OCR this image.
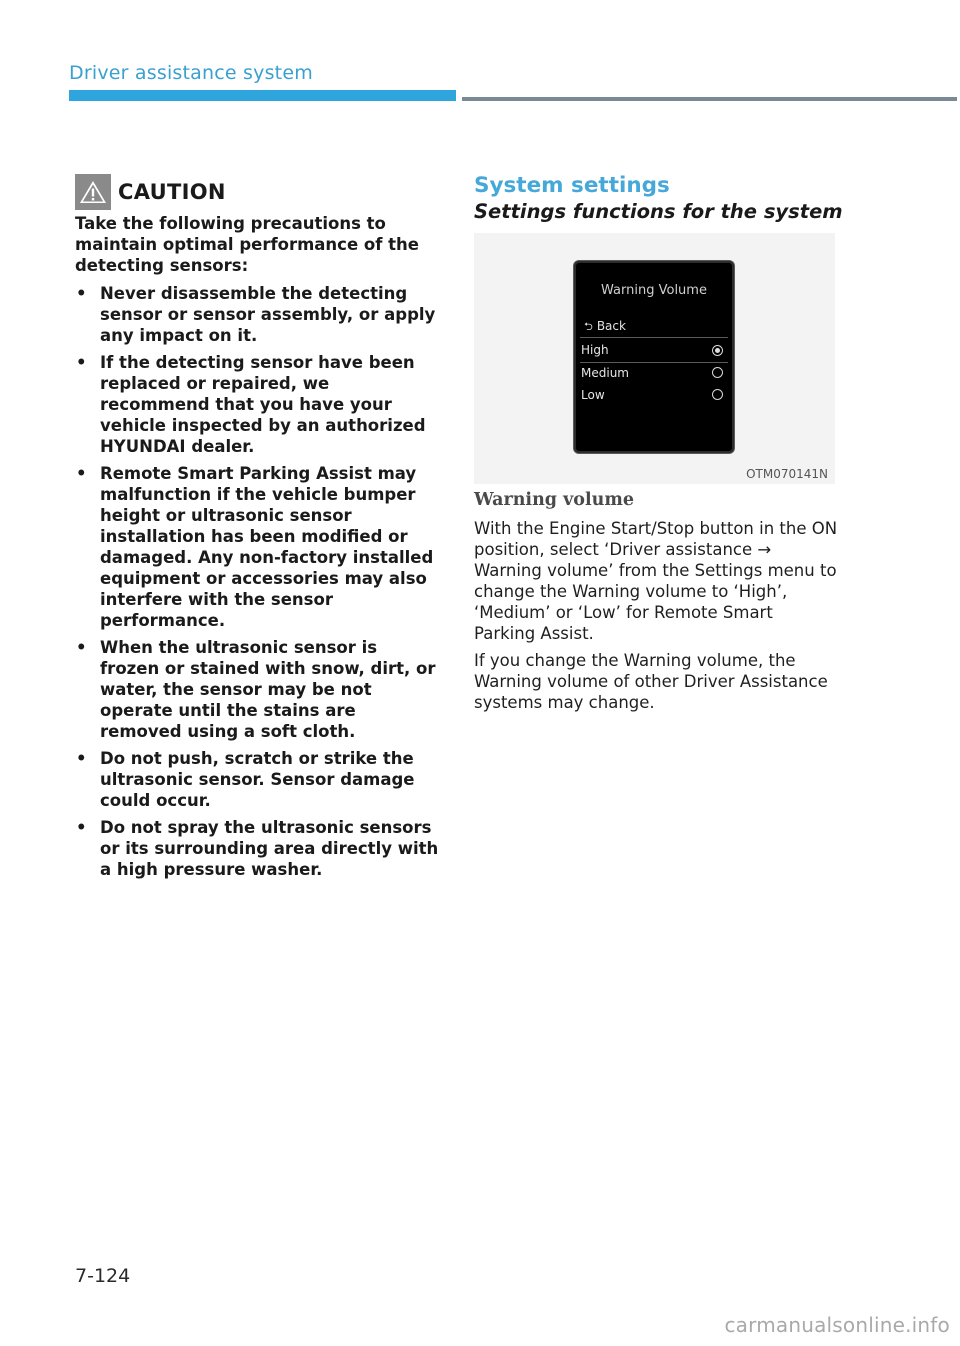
Driver assistance system
CAUTION
Take the following precautions to maintain optimal performance of the detecting sensors:
• Never disassemble the detecting sensor or sensor assembly, or apply any impact on it.
• If the detecting sensor have been replaced or repaired, we recommend that you have your vehicle inspected by an authorized HYUNDAI dealer.
• Remote Smart Parking Assist may malfunction if the vehicle bumper height or ultrasonic sensor installation has been modified or damaged. Any non-factory installed equipment or accessories may also interfere with the sensor performance.
• When the ultrasonic sensor is frozen or stained with snow, dirt, or water, the sensor may be not operate until the stains are removed using a soft cloth.
• Do not push, scratch or strike the ultrasonic sensor. Sensor damage could occur.
• Do not spray the ultrasonic sensors or its surrounding area directly with a high pressure washer.
System settings
Settings functions for the system
Warning Volume
⮌ Back
High
Medium
Low
OTM070141N
Warning volume

With the Engine Start/Stop button in the ON position, select ‘Driver assistance → Warning volume’ from the Settings menu to change the Warning volume to ‘High’, ‘Medium’ or ‘Low’ for Remote Smart Parking Assist.

If you change the Warning volume, the Warning volume of other Driver Assistance systems may change.

7-124
carmanualsonline.info
